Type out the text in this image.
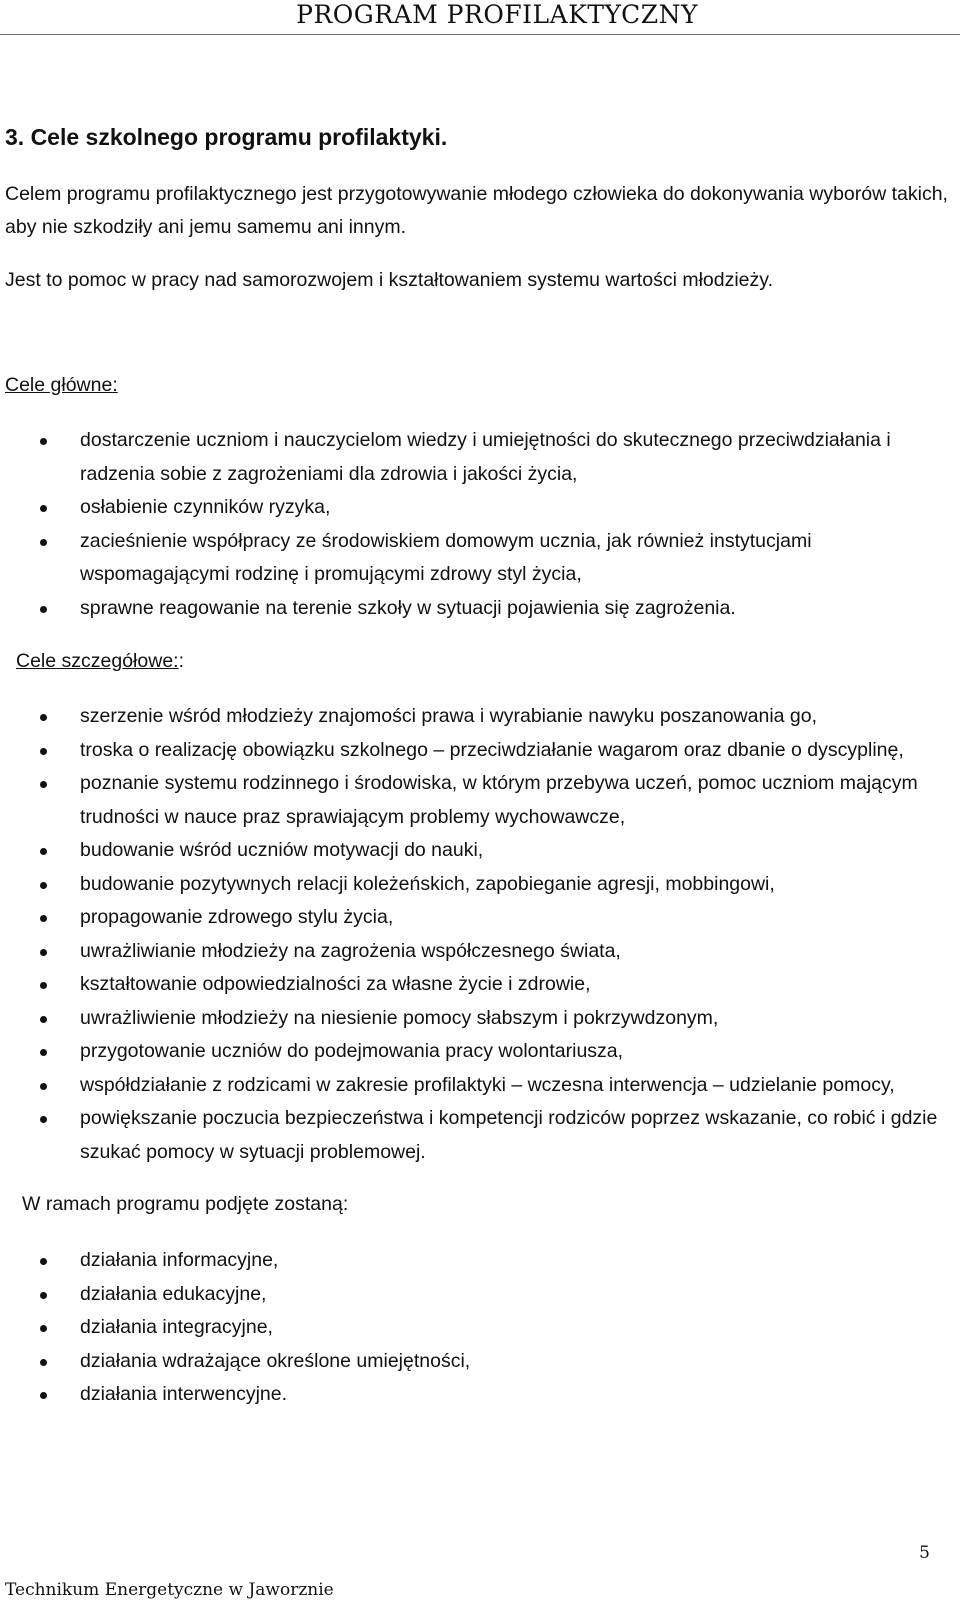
PROGRAM PROFILAKTYCZNY
3. Cele szkolnego programu profilaktyki.
Celem programu profilaktycznego jest przygotowywanie młodego człowieka do dokonywania wyborów takich, aby nie szkodziły ani jemu samemu ani innym.
Jest to pomoc w pracy nad samorozwojem i kształtowaniem systemu wartości młodzieży.
Cele główne:
dostarczenie uczniom i nauczycielom wiedzy i umiejętności do skutecznego przeciwdziałania i radzenia sobie z zagrożeniami dla zdrowia i jakości życia,
osłabienie czynników ryzyka,
zacieśnienie współpracy ze środowiskiem domowym ucznia, jak również instytucjami wspomagającymi rodzinę i promującymi zdrowy styl życia,
sprawne reagowanie na terenie szkoły w sytuacji pojawienia się zagrożenia.
Cele szczegółowe::
szerzenie wśród młodzieży znajomości prawa i wyrabianie nawyku poszanowania go,
troska o realizację obowiązku szkolnego – przeciwdziałanie wagarom oraz dbanie o dyscyplinę,
poznanie systemu rodzinnego i środowiska, w którym przebywa uczeń, pomoc uczniom mającym trudności w nauce praz sprawiającym problemy wychowawcze,
budowanie wśród uczniów motywacji do nauki,
budowanie pozytywnych relacji koleżeńskich, zapobieganie agresji, mobbingowi,
propagowanie zdrowego stylu życia,
uwrażliwianie młodzieży na zagrożenia współczesnego świata,
kształtowanie odpowiedzialności za własne życie i zdrowie,
uwrażliwienie młodzieży na niesienie pomocy słabszym i pokrzywdzonym,
przygotowanie uczniów do podejmowania pracy wolontariusza,
współdziałanie z rodzicami w zakresie profilaktyki – wczesna interwencja – udzielanie pomocy,
powiększanie poczucia bezpieczeństwa i kompetencji rodziców poprzez wskazanie, co robić i gdzie szukać pomocy w sytuacji problemowej.
W ramach programu podjęte zostaną:
działania informacyjne,
działania edukacyjne,
działania integracyjne,
działania wdrażające określone umiejętności,
działania interwencyjne.
5
Technikum Energetyczne w Jaworznie
